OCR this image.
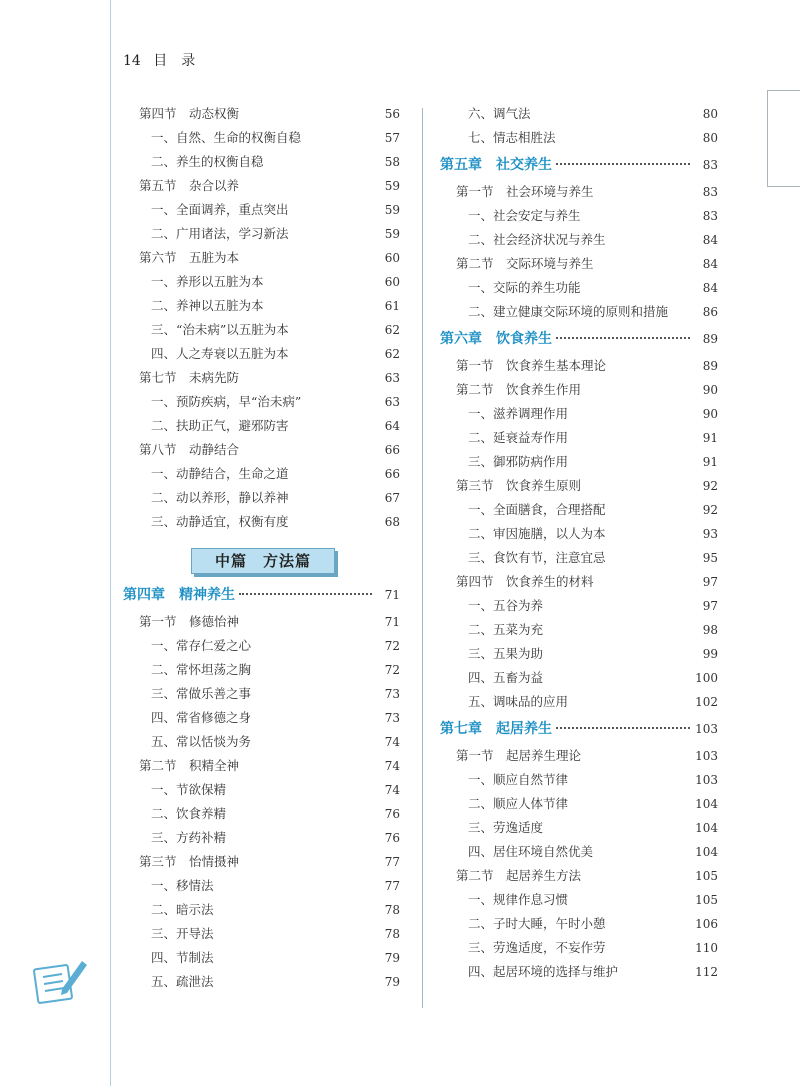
14 目　录
第四节　动态权衡	56
一、自然、生命的权衡自稳	57
二、养生的权衡自稳	58
第五节　杂合以养	59
一、全面调养，重点突出	59
二、广用诸法，学习新法	59
第六节　五脏为本	60
一、养形以五脏为本	60
二、养神以五脏为本	61
三、“治未病”以五脏为本	62
四、人之寿衰以五脏为本	62
第七节　未病先防	63
一、预防疾病，早“治未病”	63
二、扶助正气，避邪防害	64
第八节　动静结合	66
一、动静结合，生命之道	66
二、动以养形，静以养神	67
三、动静适宜，权衡有度	68
中篇　方法篇
第四章 精神养生	71
第一节　修德怡神	71
一、常存仁爱之心	72
二、常怀坦荡之胸	72
三、常做乐善之事	73
四、常省修德之身	73
五、常以恬惔为务	74
第二节　积精全神	74
一、节欲保精	74
二、饮食养精	76
三、方药补精	76
第三节　怡情摄神	77
一、移情法	77
二、暗示法	78
三、开导法	78
四、节制法	79
五、疏泄法	79
六、调气法	80
七、情志相胜法	80
第五章 社交养生	83
第一节　社会环境与养生	83
一、社会安定与养生	83
二、社会经济状况与养生	84
第二节　交际环境与养生	84
一、交际的养生功能	84
二、建立健康交际环境的原则和措施	86
第六章 饮食养生	89
第一节　饮食养生基本理论	89
第二节　饮食养生作用	90
一、滋养调理作用	90
二、延衰益寿作用	91
三、御邪防病作用	91
第三节　饮食养生原则	92
一、全面膳食，合理搭配	92
二、审因施膳，以人为本	93
三、食饮有节，注意宜忌	95
第四节　饮食养生的材料	97
一、五谷为养	97
二、五菜为充	98
三、五果为助	99
四、五畜为益	100
五、调味品的应用	102
第七章 起居养生	103
第一节　起居养生理论	103
一、顺应自然节律	103
二、顺应人体节律	104
三、劳逸适度	104
四、居住环境自然优美	104
第二节　起居养生方法	105
一、规律作息习惯	105
二、子时大睡，午时小憩	106
三、劳逸适度，不妄作劳	110
四、起居环境的选择与维护	112
